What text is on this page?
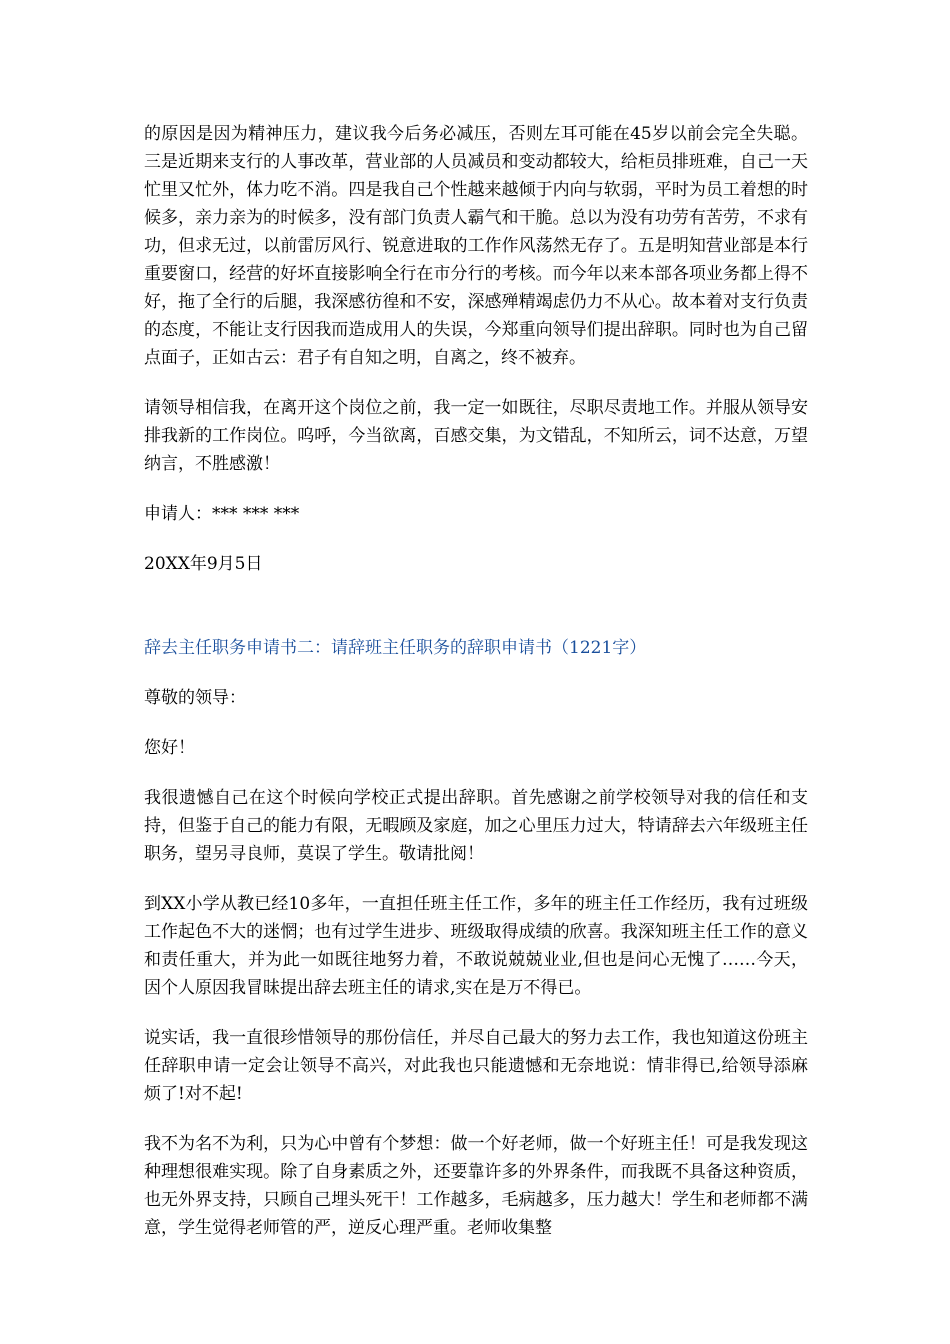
的原因是因为精神压力，建议我今后务必减压，否则左耳可能在45岁以前会完全失聪。三是近期来支行的人事改革，营业部的人员减员和变动都较大，给柜员排班难，自己一天忙里又忙外，体力吃不消。四是我自己个性越来越倾于内向与软弱，平时为员工着想的时候多，亲力亲为的时候多，没有部门负责人霸气和干脆。总以为没有功劳有苦劳，不求有功，但求无过，以前雷厉风行、锐意进取的工作作风荡然无存了。五是明知营业部是本行重要窗口，经营的好坏直接影响全行在市分行的考核。而今年以来本部各项业务都上得不好，拖了全行的后腿，我深感彷徨和不安，深感殚精竭虑仍力不从心。故本着对支行负责的态度，不能让支行因我而造成用人的失误，今郑重向领导们提出辞职。同时也为自己留点面子，正如古云：君子有自知之明，自离之，终不被弃。

请领导相信我，在离开这个岗位之前，我一定一如既往，尽职尽责地工作。并服从领导安排我新的工作岗位。呜呼，今当欲离，百感交集，为文错乱，不知所云，词不达意，万望纳言，不胜感激！

申请人：*** *** ***

20XX年9月5日

辞去主任职务申请书二：请辞班主任职务的辞职申请书（1221字）

尊敬的领导：

您好！

我很遗憾自己在这个时候向学校正式提出辞职。首先感谢之前学校领导对我的信任和支持，但鉴于自己的能力有限，无暇顾及家庭，加之心里压力过大，特请辞去六年级班主任职务，望另寻良师，莫误了学生。敬请批阅！

到XX小学从教已经10多年，一直担任班主任工作，多年的班主任工作经历，我有过班级工作起色不大的迷惘；也有过学生进步、班级取得成绩的欣喜。我深知班主任工作的意义和责任重大，并为此一如既往地努力着，不敢说兢兢业业,但也是问心无愧了……今天，因个人原因我冒昧提出辞去班主任的请求,实在是万不得已。

说实话，我一直很珍惜领导的那份信任，并尽自己最大的努力去工作，我也知道这份班主任辞职申请一定会让领导不高兴，对此我也只能遗憾和无奈地说：情非得已,给领导添麻烦了!对不起!

我不为名不为利，只为心中曾有个梦想：做一个好老师，做一个好班主任！可是我发现这种理想很难实现。除了自身素质之外，还要靠许多的外界条件，而我既不具备这种资质，也无外界支持，只顾自己埋头死干！工作越多，毛病越多，压力越大！学生和老师都不满意，学生觉得老师管的严，逆反心理严重。老师收集整
